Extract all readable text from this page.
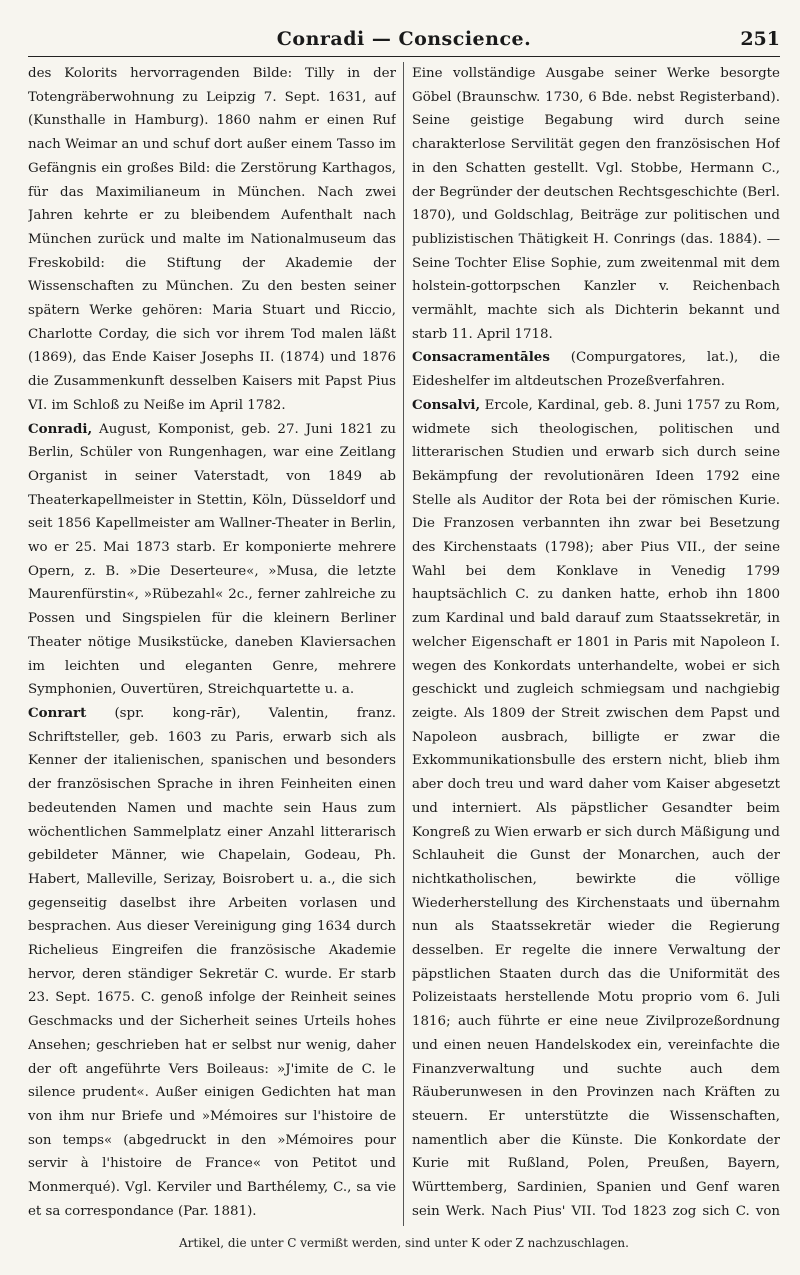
Conradi — Conscience.	251

des Kolorits hervorragenden Bilde: Tilly in der Totengräberwohnung zu Leipzig 7. Sept. 1631, auf (Kunsthalle in Hamburg). 1860 nahm er einen Ruf nach Weimar an und schuf dort außer einem Tasso im Gefängnis ein großes Bild: die Zerstörung Karthagos, für das Maximilianeum in München. Nach zwei Jahren kehrte er zu bleibendem Aufenthalt nach München zurück und malte im Nationalmuseum das Freskobild: die Stiftung der Akademie der Wissenschaften zu München. Zu den besten seiner spätern Werke gehören: Maria Stuart und Riccio, Charlotte Corday, die sich vor ihrem Tod malen läßt (1869), das Ende Kaiser Josephs II. (1874) und 1876 die Zusammenkunft desselben Kaisers mit Papst Pius VI. im Schloß zu Neiße im April 1782.

Conradi, August, Komponist, geb. 27. Juni 1821 zu Berlin, Schüler von Rungenhagen, war eine Zeitlang Organist in seiner Vaterstadt, von 1849 ab Theaterkapellmeister in Stettin, Köln, Düsseldorf und seit 1856 Kapellmeister am Wallner-Theater in Berlin, wo er 25. Mai 1873 starb. Er komponierte mehrere Opern, z. B. »Die Deserteure«, »Musa, die letzte Maurenfürstin«, »Rübezahl« 2c., ferner zahlreiche zu Possen und Singspielen für die kleinern Berliner Theater nötige Musikstücke, daneben Klaviersachen im leichten und eleganten Genre, mehrere Symphonien, Ouvertüren, Streichquartette u. a.

Conrart (spr. kong-rār), Valentin, franz. Schriftsteller, geb. 1603 zu Paris, erwarb sich als Kenner der italienischen, spanischen und besonders der französischen Sprache in ihren Feinheiten einen bedeutenden Namen und machte sein Haus zum wöchentlichen Sammelplatz einer Anzahl litterarisch gebildeter Männer, wie Chapelain, Godeau, Ph. Habert, Malleville, Serizay, Boisrobert u. a., die sich gegenseitig daselbst ihre Arbeiten vorlasen und besprachen. Aus dieser Vereinigung ging 1634 durch Richelieus Eingreifen die französische Akademie hervor, deren ständiger Sekretär C. wurde. Er starb 23. Sept. 1675. C. genoß infolge der Reinheit seines Geschmacks und der Sicherheit seines Urteils hohes Ansehen; geschrieben hat er selbst nur wenig, daher der oft angeführte Vers Boileaus: »J'imite de C. le silence prudent«. Außer einigen Gedichten hat man von ihm nur Briefe und »Mémoires sur l'histoire de son temps« (abgedruckt in den »Mémoires pour servir à l'histoire de France« von Petitot und Monmerqué). Vgl. Kerviler und Barthélemy, C., sa vie et sa correspondance (Par. 1881).

Eine vollständige Ausgabe seiner Werke besorgte Göbel (Braunschw. 1730, 6 Bde. nebst Registerband). Seine geistige Begabung wird durch seine charakterlose Servilität gegen den französischen Hof in den Schatten gestellt. Vgl. Stobbe, Hermann C., der Begründer der deutschen Rechtsgeschichte (Berl. 1870), und Goldschlag, Beiträge zur politischen und publizistischen Thätigkeit H. Conrings (das. 1884). — Seine Tochter Elise Sophie, zum zweitenmal mit dem holstein-gottorpschen Kanzler v. Reichenbach vermählt, machte sich als Dichterin bekannt und starb 11. April 1718.

Consacramentāles (Compurgatores, lat.), die Eideshelfer im altdeutschen Prozeßverfahren.

Consalvi, Ercole, Kardinal, geb. 8. Juni 1757 zu Rom, widmete sich theologischen, politischen und litterarischen Studien und erwarb sich durch seine Bekämpfung der revolutionären Ideen 1792 eine Stelle als Auditor der Rota bei der römischen Kurie. Die Franzosen verbannten ihn zwar bei Besetzung des Kirchenstaats (1798); aber Pius VII., der seine Wahl bei dem Konklave in Venedig 1799 hauptsächlich C. zu danken hatte, erhob ihn 1800 zum Kardinal und bald darauf zum Staatssekretär, in welcher Eigenschaft er 1801 in Paris mit Napoleon I. wegen des Konkordats unterhandelte, wobei er sich geschickt und zugleich schmiegsam und nachgiebig zeigte. Als 1809 der Streit zwischen dem Papst und Napoleon ausbrach, billigte er zwar die Exkommunikationsbulle des erstern nicht, blieb ihm aber doch treu und ward daher vom Kaiser abgesetzt und interniert. Als päpstlicher Gesandter beim Kongreß zu Wien erwarb er sich durch Mäßigung und Schlauheit die Gunst der Monarchen, auch der nichtkatholischen, bewirkte die völlige Wiederherstellung des Kirchenstaats und übernahm nun als Staatssekretär wieder die Regierung desselben. Er regelte die innere Verwaltung der päpstlichen Staaten durch das die Uniformität des Polizeistaats herstellende Motu proprio vom 6. Juli 1816; auch führte er eine neue Zivilprozeßordnung und einen neuen Handelskodex ein, vereinfachte die Finanzverwaltung und suchte auch dem Räuberunwesen in den Provinzen nach Kräften zu steuern. Er unterstützte die Wissenschaften, namentlich aber die Künste. Die Konkordate der Kurie mit Rußland, Polen, Preußen, Bayern, Württemberg, Sardinien, Spanien und Genf waren sein Werk. Nach Pius' VII. Tod 1823 zog sich C. von

Artikel, die unter C vermißt werden, sind unter K oder Z nachzuschlagen.
